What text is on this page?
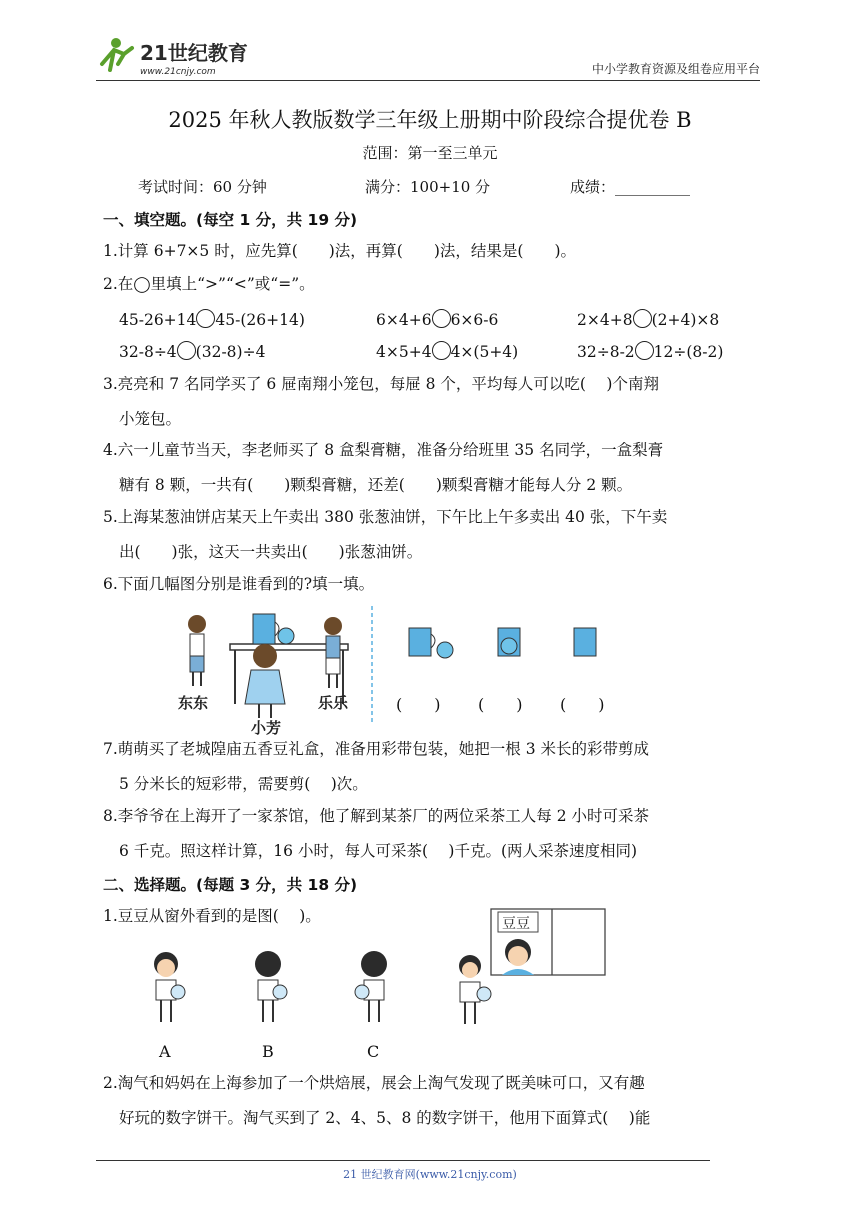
21世纪教育
www.21cnjy.com	中小学教育资源及组卷应用平台
2025 年秋人教版数学三年级上册期中阶段综合提优卷 B
范围：第一至三单元
考试时间：60 分钟	满分：100+10 分	成绩：__________
一、填空题。(每空 1 分，共 19 分)
1.计算 6+7×5 时，应先算(　　)法，再算(　　)法，结果是(　　)。
2.在◯里填上“>”“<”或“=”。
45-26+14 45-(26+14)	6×4+6 6×6-6	2×4+8 (2+4)×8
32-8÷4 (32-8)÷4	4×5+4 4×(5+4)	32÷8-2 12÷(8-2)
3.亮亮和 7 名同学买了 6 屉南翔小笼包，每屉 8 个，平均每人可以吃(　 )个南翔
小笼包。
4.六一儿童节当天，李老师买了 8 盒梨膏糖，准备分给班里 35 名同学，一盒梨膏
糖有 8 颗，一共有(　　)颗梨膏糖，还差(　　)颗梨膏糖才能每人分 2 颗。
5.上海某葱油饼店某天上午卖出 380 张葱油饼，下午比上午多卖出 40 张，下午卖
出(　　)张，这天一共卖出(　　)张葱油饼。
6.下面几幅图分别是谁看到的?填一填。
东东
小芳
乐乐	(　　) (　　) (　　)
7.萌萌买了老城隍庙五香豆礼盒，准备用彩带包装，她把一根 3 米长的彩带剪成
5 分米长的短彩带，需要剪(　 )次。
8.李爷爷在上海开了一家茶馆，他了解到某茶厂的两位采茶工人每 2 小时可采茶
6 千克。照这样计算，16 小时，每人可采茶(　 )千克。(两人采茶速度相同)
二、选择题。(每题 3 分，共 18 分)
1.豆豆从窗外看到的是图(　 )。	豆豆
A	B	C
2.淘气和妈妈在上海参加了一个烘焙展，展会上淘气发现了既美味可口，又有趣
好玩的数字饼干。淘气买到了 2、4、5、8 的数字饼干，他用下面算式(　 )能
21 世纪教育网(www.21cnjy.com)
